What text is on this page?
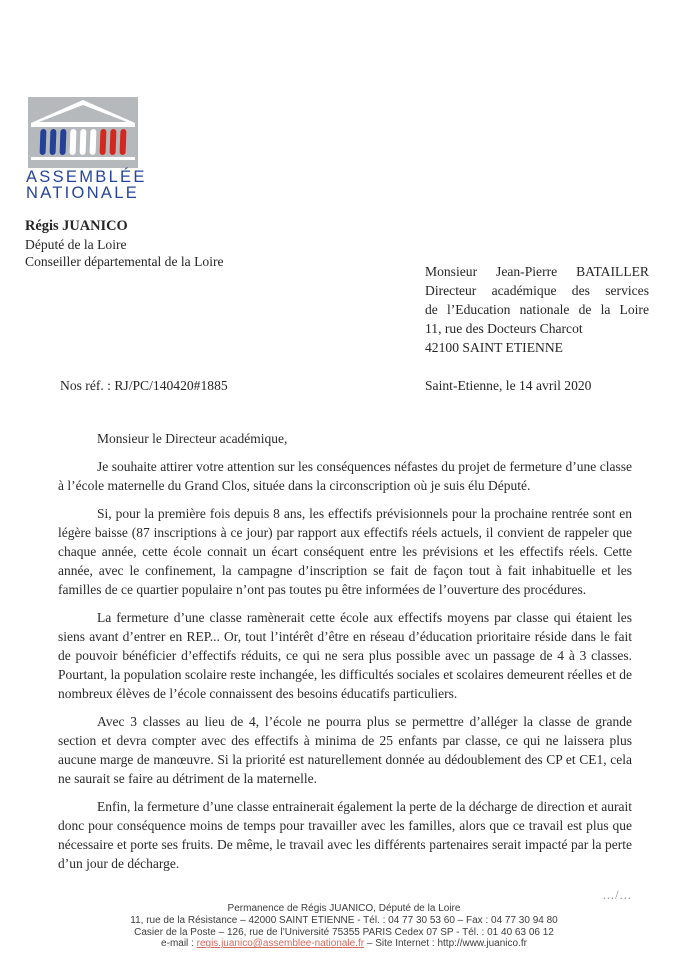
ASSEMBLÉE
NATIONALE
Régis JUANICO
Député de la Loire
Conseiller départemental de la Loire
Monsieur Jean-Pierre BATAILLER
Directeur académique des services
de l’Education nationale de la Loire
11, rue des Docteurs Charcot
42100 SAINT ETIENNE
Nos réf. : RJ/PC/140420#1885	Saint-Etienne, le 14 avril 2020
Monsieur le Directeur académique,

Je souhaite attirer votre attention sur les conséquences néfastes du projet de fermeture d’une classe à l’école maternelle du Grand Clos, située dans la circonscription où je suis élu Député.

Si, pour la première fois depuis 8 ans, les effectifs prévisionnels pour la prochaine rentrée sont en légère baisse (87 inscriptions à ce jour) par rapport aux effectifs réels actuels, il convient de rappeler que chaque année, cette école connait un écart conséquent entre les prévisions et les effectifs réels. Cette année, avec le confinement, la campagne d’inscription se fait de façon tout à fait inhabituelle et les familles de ce quartier populaire n’ont pas toutes pu être informées de l’ouverture des procédures.

La fermeture d’une classe ramènerait cette école aux effectifs moyens par classe qui étaient les siens avant d’entrer en REP... Or, tout l’intérêt d’être en réseau d’éducation prioritaire réside dans le fait de pouvoir bénéficier d’effectifs réduits, ce qui ne sera plus possible avec un passage de 4 à 3 classes. Pourtant, la population scolaire reste inchangée, les difficultés sociales et scolaires demeurent réelles et de nombreux élèves de l’école connaissent des besoins éducatifs particuliers.

Avec 3 classes au lieu de 4, l’école ne pourra plus se permettre d’alléger la classe de grande section et devra compter avec des effectifs à minima de 25 enfants par classe, ce qui ne laissera plus aucune marge de manœuvre. Si la priorité est naturellement donnée au dédoublement des CP et CE1, cela ne saurait se faire au détriment de la maternelle.

Enfin, la fermeture d’une classe entrainerait également la perte de la décharge de direction et aurait donc pour conséquence moins de temps pour travailler avec les familles, alors que ce travail est plus que nécessaire et porte ses fruits. De même, le travail avec les différents partenaires serait impacté par la perte d’un jour de décharge.

.../...
Permanence de Régis JUANICO, Député de la Loire
11, rue de la Résistance – 42000 SAINT ETIENNE - Tél. : 04 77 30 53 60 – Fax : 04 77 30 94 80
Casier de la Poste – 126, rue de l’Université 75355 PARIS Cedex 07 SP - Tél. : 01 40 63 06 12
e-mail : regis.juanico@assemblee-nationale.fr – Site Internet : http://www.juanico.fr
